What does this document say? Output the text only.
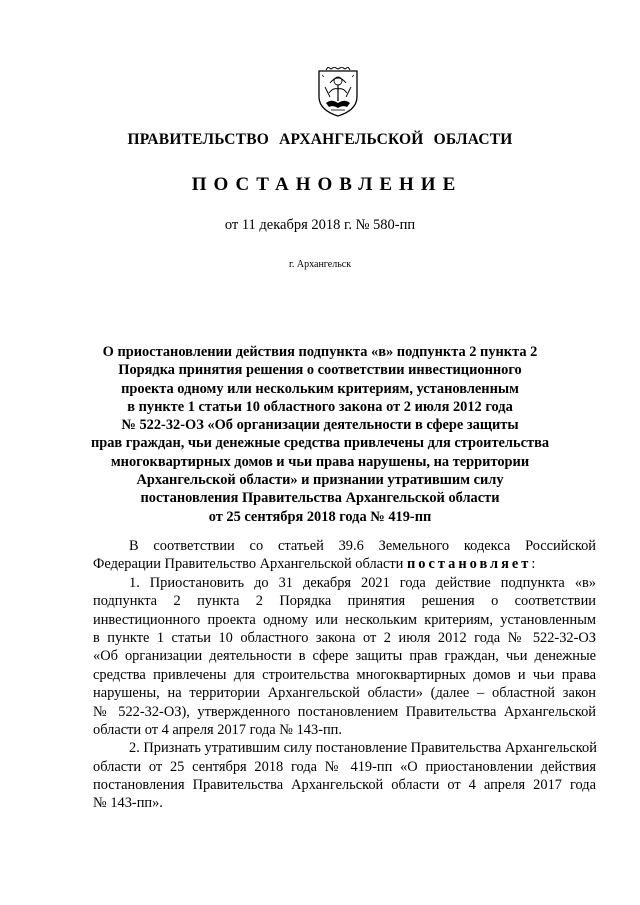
ПРАВИТЕЛЬСТВО АРХАНГЕЛЬСКОЙ ОБЛАСТИ
ПОСТАНОВЛЕНИЕ
от 11 декабря 2018 г. № 580-пп
г. Архангельск
О приостановлении действия подпункта «в» подпункта 2 пункта 2
Порядка принятия решения о соответствии инвестиционного
проекта одному или нескольким критериям, установленным
в пункте 1 статьи 10 областного закона от 2 июля 2012 года
№ 522-32-ОЗ «Об организации деятельности в сфере защиты
прав граждан, чьи денежные средства привлечены для строительства
многоквартирных домов и чьи права нарушены, на территории
Архангельской области» и признании утратившим силу
постановления Правительства Архангельской области
от 25 сентября 2018 года № 419-пп
В соответствии со статьей 39.6 Земельного кодекса Российской
Федерации Правительство Архангельской области постановляет:
1. Приостановить до 31 декабря 2021 года действие подпункта «в»
подпункта 2 пункта 2 Порядка принятия решения о соответствии
инвестиционного проекта одному или нескольким критериям, установленным
в пункте 1 статьи 10 областного закона от 2 июля 2012 года № 522-32-ОЗ
«Об организации деятельности в сфере защиты прав граждан, чьи денежные
средства привлечены для строительства многоквартирных домов и чьи права
нарушены, на территории Архангельской области» (далее – областной закон
№ 522-32-ОЗ), утвержденного постановлением Правительства Архангельской
области от 4 апреля 2017 года № 143-пп.
2. Признать утратившим силу постановление Правительства Архангельской
области от 25 сентября 2018 года № 419-пп «О приостановлении действия
постановления Правительства Архангельской области от 4 апреля 2017 года
№ 143-пп».
